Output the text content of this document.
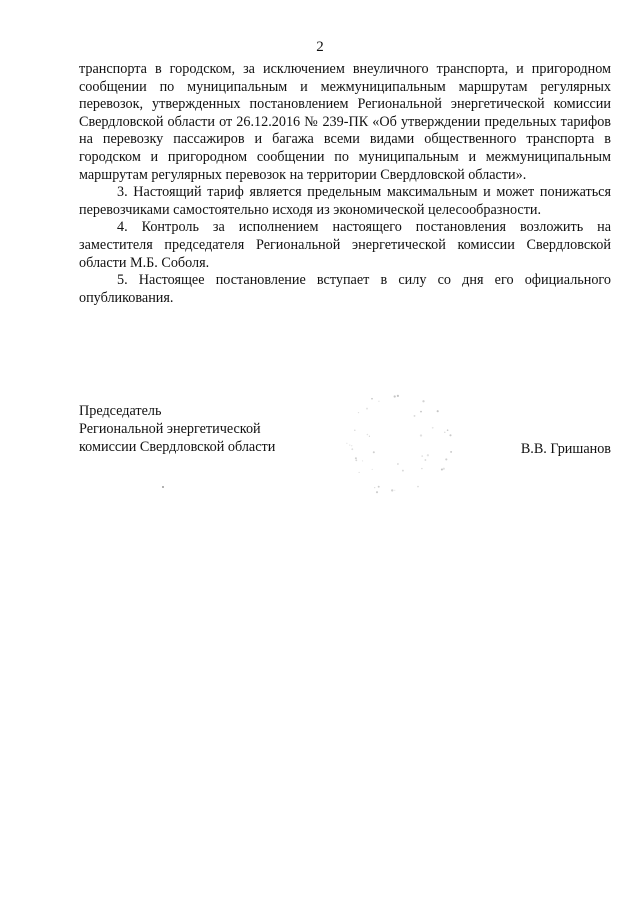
2

транспорта в городском, за исключением внеуличного транспорта, и пригородном сообщении по муниципальным и межмуниципальным маршрутам регулярных перевозок, утвержденных постановлением Региональной энергетической комиссии Свердловской области от 26.12.2016 № 239-ПК «Об утверждении предельных тарифов на перевозку пассажиров и багажа всеми видами общественного транспорта в городском и пригородном сообщении по муниципальным и межмуниципальным маршрутам регулярных перевозок на территории Свердловской области».

3. Настоящий тариф является предельным максимальным и может понижаться перевозчиками самостоятельно исходя из экономической целесообразности.

4. Контроль за исполнением настоящего постановления возложить на заместителя председателя Региональной энергетической комиссии Свердловской области М.Б. Соболя.

5. Настоящее постановление вступает в силу со дня его официального опубликования.

Председатель
Региональной энергетической
комиссии Свердловской области	В.В. Гришанов
